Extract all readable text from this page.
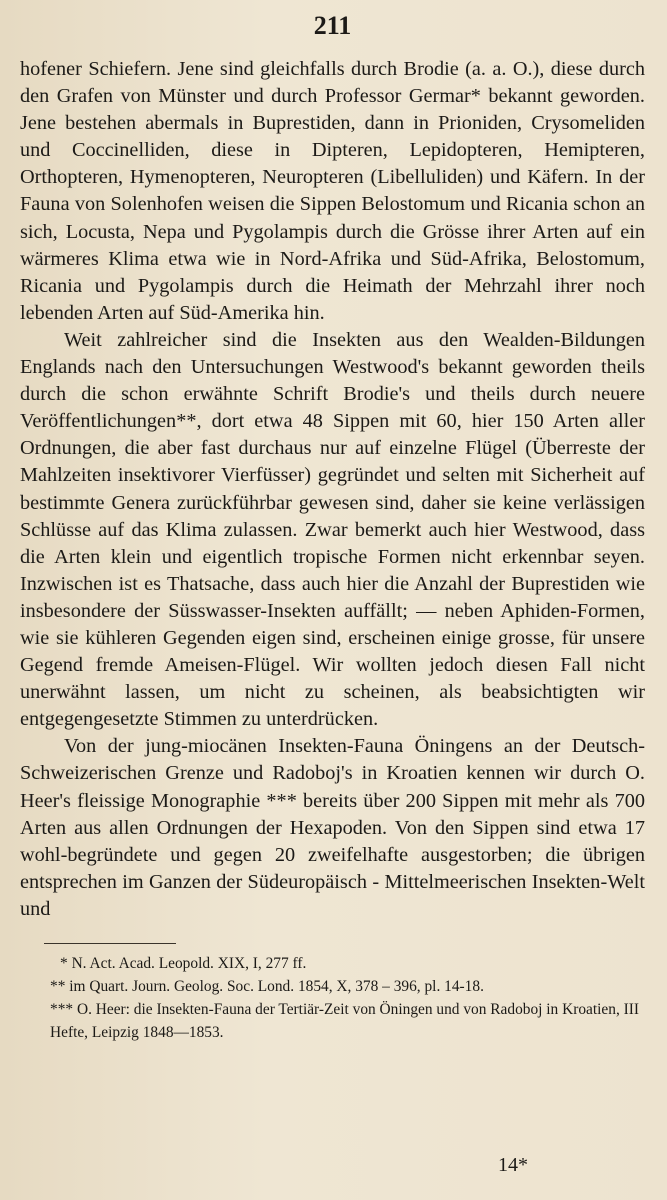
211

hofener Schiefern. Jene sind gleichfalls durch Brodie (a. a. O.), diese durch den Grafen von Münster und durch Professor Germar* bekannt geworden. Jene bestehen abermals in Buprestiden, dann in Prioniden, Crysomeliden und Coccinelliden, diese in Dipteren, Lepidopteren, Hemipteren, Orthopteren, Hymenopteren, Neuropteren (Libelluliden) und Käfern. In der Fauna von Solenhofen weisen die Sippen Belostomum und Ricania schon an sich, Locusta, Nepa und Pygolampis durch die Grösse ihrer Arten auf ein wärmeres Klima etwa wie in Nord-Afrika und Süd-Afrika, Belostomum, Ricania und Pygolampis durch die Heimath der Mehrzahl ihrer noch lebenden Arten auf Süd-Amerika hin.

Weit zahlreicher sind die Insekten aus den Wealden-Bildungen Englands nach den Untersuchungen Westwood's bekannt geworden theils durch die schon erwähnte Schrift Brodie's und theils durch neuere Veröffentlichungen**, dort etwa 48 Sippen mit 60, hier 150 Arten aller Ordnungen, die aber fast durchaus nur auf einzelne Flügel (Überreste der Mahlzeiten insektivorer Vierfüsser) gegründet und selten mit Sicherheit auf bestimmte Genera zurückführbar gewesen sind, daher sie keine verlässigen Schlüsse auf das Klima zulassen. Zwar bemerkt auch hier Westwood, dass die Arten klein und eigentlich tropische Formen nicht erkennbar seyen. Inzwischen ist es Thatsache, dass auch hier die Anzahl der Buprestiden wie insbesondere der Süsswasser-Insekten auffällt; — neben Aphiden-Formen, wie sie kühleren Gegenden eigen sind, erscheinen einige grosse, für unsere Gegend fremde Ameisen-Flügel. Wir wollten jedoch diesen Fall nicht unerwähnt lassen, um nicht zu scheinen, als beabsichtigten wir entgegengesetzte Stimmen zu unterdrücken.

Von der jung-miocänen Insekten-Fauna Öningens an der Deutsch-Schweizerischen Grenze und Radoboj's in Kroatien kennen wir durch O. Heer's fleissige Monographie *** bereits über 200 Sippen mit mehr als 700 Arten aus allen Ordnungen der Hexapoden. Von den Sippen sind etwa 17 wohl-begründete und gegen 20 zweifelhafte ausgestorben; die übrigen entsprechen im Ganzen der Südeuropäisch - Mittelmeerischen Insekten-Welt und

* N. Act. Acad. Leopold. XIX, I, 277 ff.

** im Quart. Journ. Geolog. Soc. Lond. 1854, X, 378 – 396, pl. 14-18.

*** O. Heer: die Insekten-Fauna der Tertiär-Zeit von Öningen und von Radoboj in Kroatien, III Hefte, Leipzig 1848—1853.

14*
